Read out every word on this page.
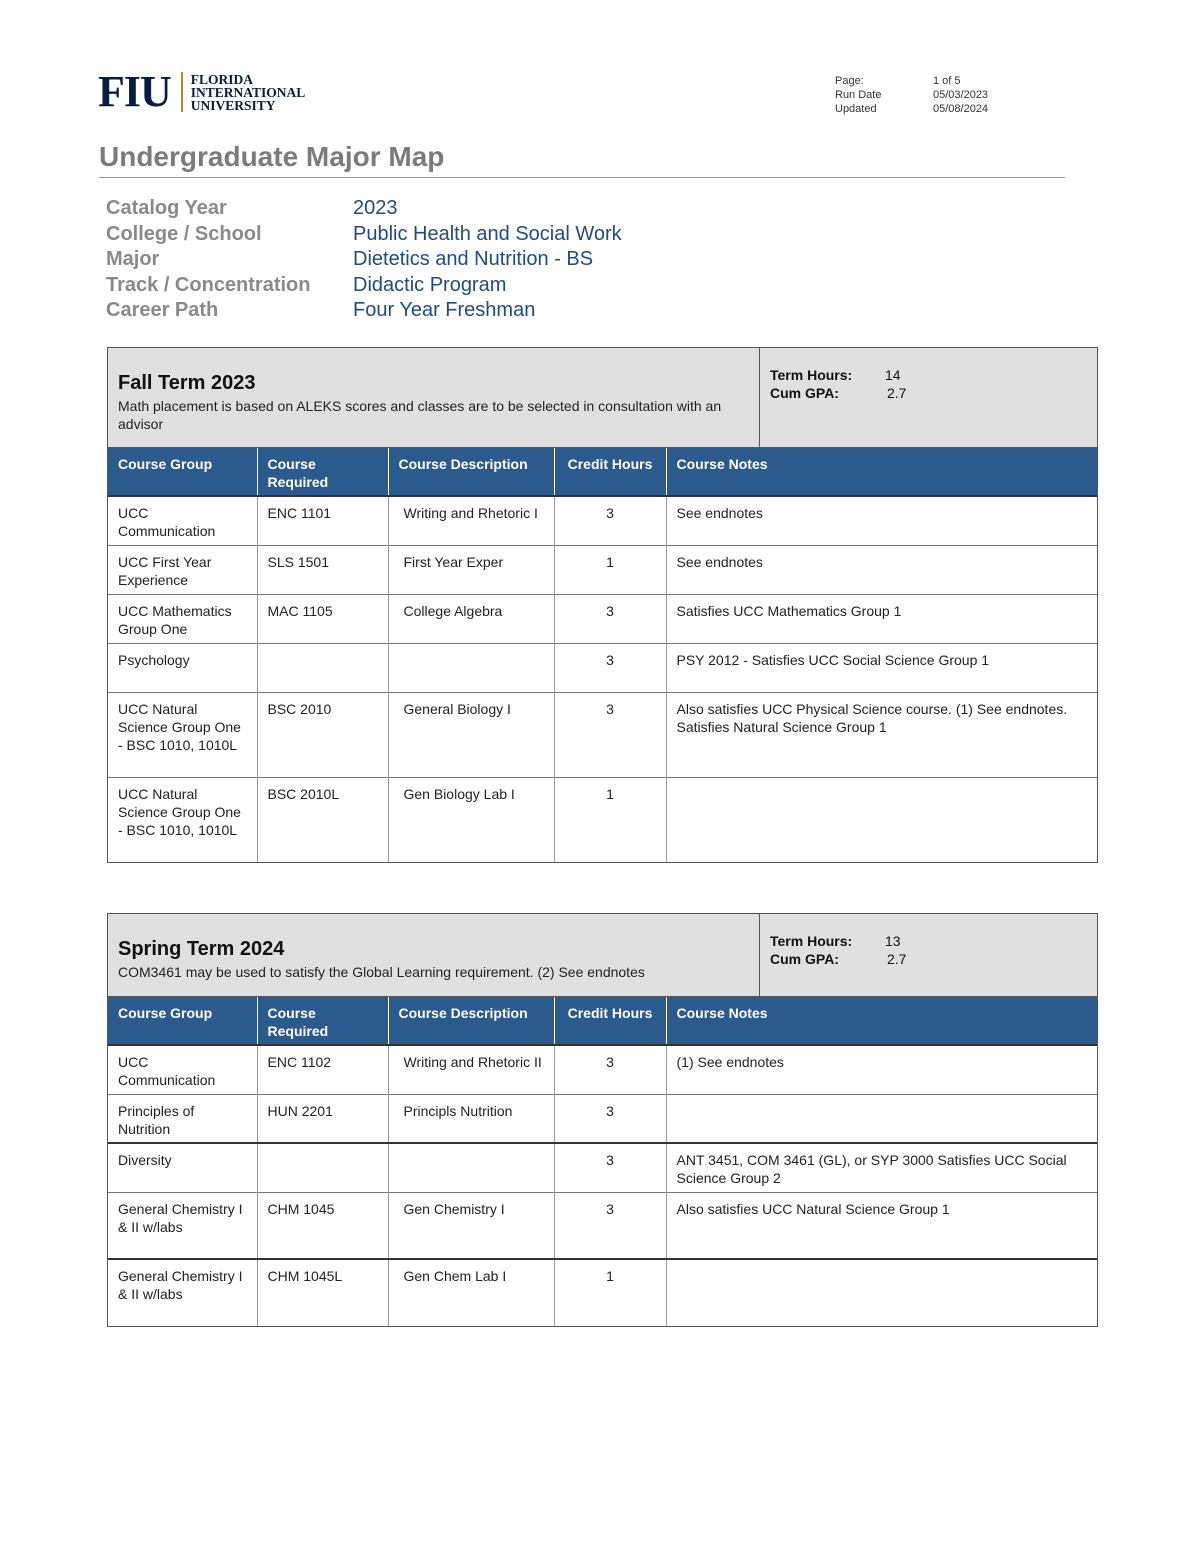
FIU FLORIDA
INTERNATIONAL
UNIVERSITY
Page:	1 of 5
Run Date	05/03/2023
Updated	05/08/2024
Undergraduate Major Map
Catalog Year	2023
College / School	Public Health and Social Work
Major	Dietetics and Nutrition - BS
Track / Concentration	Didactic Program
Career Path	Four Year Freshman
Fall Term 2023
Math placement is based on ALEKS scores and classes are to be selected in consultation with an advisor
Term Hours:	14
Cum GPA:	2.7
Course Group	Course Required	Course Description	Credit Hours	Course Notes
UCC Communication	ENC 1101	Writing and Rhetoric I	3	See endnotes
UCC First Year Experience	SLS 1501	First Year Exper	1	See endnotes
UCC Mathematics Group One	MAC 1105	College Algebra	3	Satisfies UCC Mathematics Group 1
Psychology			3	PSY 2012 - Satisfies UCC Social Science Group 1
UCC Natural Science Group One - BSC 1010, 1010L	BSC 2010	General Biology I	3	Also satisfies UCC Physical Science course. (1) See endnotes. Satisfies Natural Science Group 1
UCC Natural Science Group One - BSC 1010, 1010L	BSC 2010L	Gen Biology Lab I	1	
Spring Term 2024
COM3461 may be used to satisfy the Global Learning requirement. (2) See endnotes
Term Hours:	13
Cum GPA:	2.7
Course Group	Course Required	Course Description	Credit Hours	Course Notes
UCC Communication	ENC 1102	Writing and Rhetoric II	3	(1) See endnotes
Principles of Nutrition	HUN 2201	Principls Nutrition	3	
Diversity			3	ANT 3451, COM 3461 (GL), or SYP 3000 Satisfies UCC Social Science Group 2
General Chemistry I & II w/labs	CHM 1045	Gen Chemistry I	3	Also satisfies UCC Natural Science Group 1
General Chemistry I & II w/labs	CHM 1045L	Gen Chem Lab I	1	
